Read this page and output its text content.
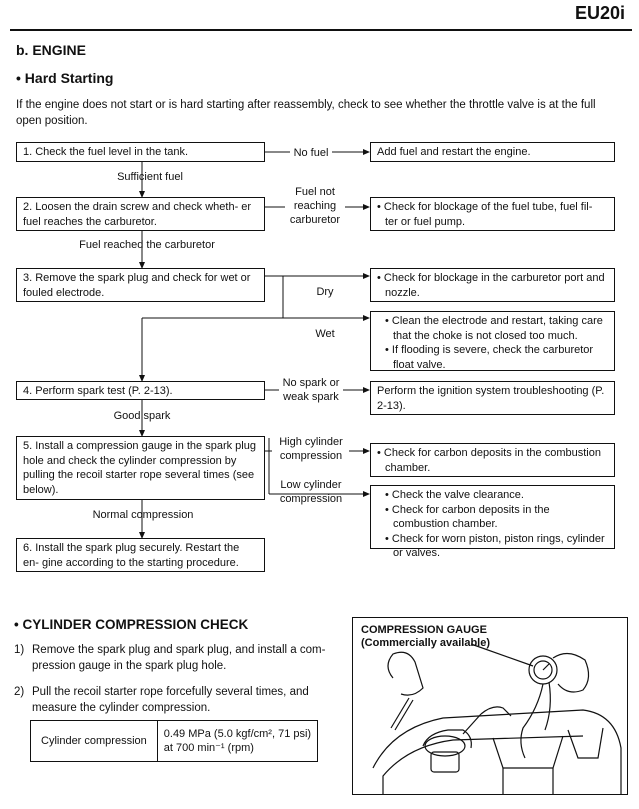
EU20i
b. ENGINE
• Hard Starting
If the engine does not start or is hard starting after reassembly, check to see whether the throttle valve is at the full open position.
1. Check the fuel level in the tank.	No fuel	Add fuel and restart the engine.
Sufficient fuel
2. Loosen the drain screw and check wheth- er fuel reaches the carburetor.
Fuel not reaching carburetor
• Check for blockage of the fuel tube, fuel fil- ter or fuel pump.
Fuel reached the carburetor
3. Remove the spark plug and check for wet or fouled electrode.	Dry
• Check for blockage in the carburetor port and nozzle.
Wet
• Clean the electrode and restart, taking care that the choke is not closed too much.
• If flooding is severe, check the carburetor float valve.
4. Perform spark test (P. 2-13).
No spark or weak spark	Perform the ignition system troubleshooting (P. 2-13).
Good spark
5. Install a compression gauge in the spark plug hole and check the cylinder compression by pulling the recoil starter rope several times (see below).
High cylinder compression	• Check for carbon deposits in the combustion chamber.
Low cylinder compression	• Check the valve clearance.
• Check for carbon deposits in the combustion chamber.
• Check for worn piston, piston rings, cylinder or valves.
Normal compression
6. Install the spark plug securely. Restart the en- gine according to the starting procedure.
• CYLINDER COMPRESSION CHECK
1) Remove the spark plug and spark plug, and install a com- pression gauge in the spark plug hole.
2) Pull the recoil starter rope forcefully several times, and measure the cylinder compression.
Cylinder compression	
0.49 MPa (5.0 kgf/cm², 71 psi)
at 700 min⁻¹ (rpm)
COMPRESSION GAUGE
(Commercially available)
